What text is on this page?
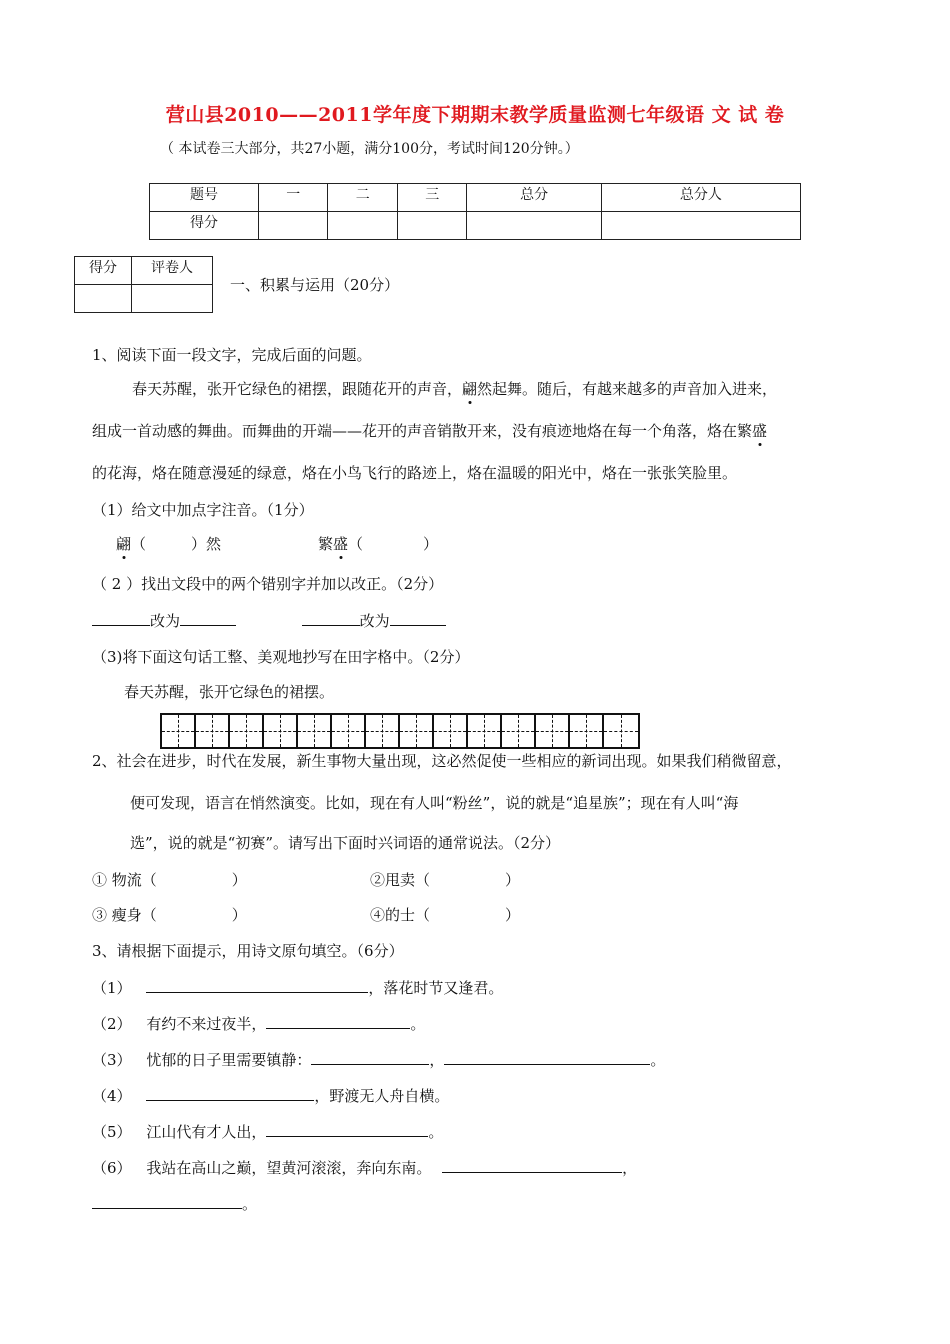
营山县2010——2011学年度下期期末教学质量监测七年级语 文 试 卷
（ 本试卷三大部分，共27小题，满分100分，考试时间120分钟。）
题号	一	二	三	总分	总分人
得分					
得分	评卷人

一、积累与运用（20分）
1、阅读下面一段文字，完成后面的问题。
春天苏醒，张开它绿色的裙摆，跟随花开的声音，翩然起舞。随后，有越来越多的声音加入进来，
组成一首动感的舞曲。而舞曲的开端——花开的声音销散开来，没有痕迹地烙在每一个角落，烙在繁盛
的花海，烙在随意漫延的绿意，烙在小鸟飞行的路迹上，烙在温暖的阳光中，烙在一张张笑脸里。
（1）给文中加点字注音。（1分）
翩（　　　）然	繁盛（　　　　）
（ 2 ）找出文段中的两个错别字并加以改正。（2分）
改为	改为
（3)将下面这句话工整、美观地抄写在田字格中。（2分）
春天苏醒，张开它绿色的裙摆。
2、社会在进步，时代在发展，新生事物大量出现，这必然促使一些相应的新词出现。如果我们稍微留意，
便可发现，语言在悄然演变。比如，现在有人叫“粉丝”，说的就是“追星族”；现在有人叫“海
选”，说的就是“初赛”。请写出下面时兴词语的通常说法。（2分）
① 物流（　　　　　）	②甩卖（　　　　　）
③ 瘦身（　　　　　）	④的士（　　　　　）
3、请根据下面提示，用诗文原句填空。（6分）
（1）	，落花时节又逢君。
（2） 有约不来过夜半，	。
（3） 忧郁的日子里需要镇静：	，	。
（4）	，野渡无人舟自横。
（5） 江山代有才人出，	。
（6） 我站在高山之巅，望黄河滚滚，奔向东南。	，
。
